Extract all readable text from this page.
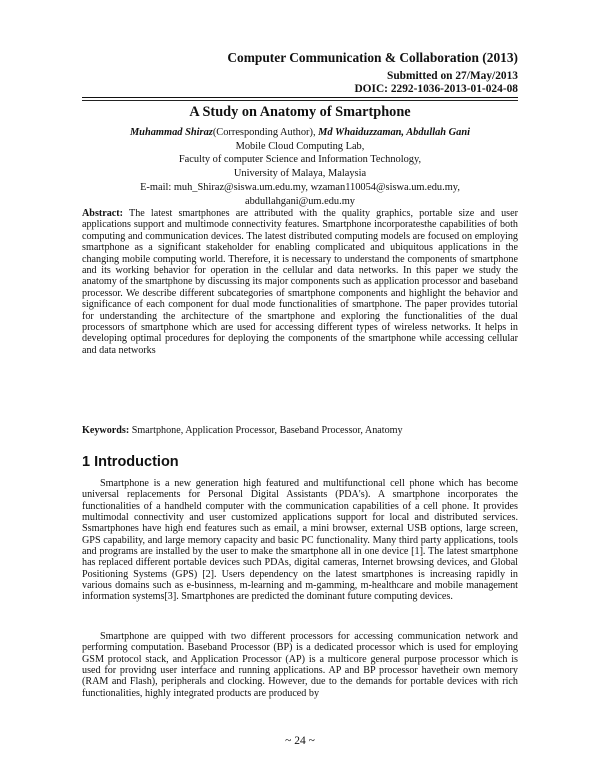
Computer Communication & Collaboration (2013)
Submitted on 27/May/2013
DOIC: 2292-1036-2013-01-024-08
A Study on Anatomy of Smartphone
Muhammad Shiraz(Corresponding Author), Md Whaiduzzaman, Abdullah Gani
Mobile Cloud Computing Lab,
Faculty of computer Science and Information Technology,
University of Malaya, Malaysia
E-mail: muh_Shiraz@siswa.um.edu.my, wzaman110054@siswa.um.edu.my,
abdullahgani@um.edu.my
Abstract: The latest smartphones are attributed with the quality graphics, portable size and user applications support and multimode connectivity features. Smartphone incorporatesthe capabilities of both computing and communication devices. The latest distributed computing models are focused on employing smartphone as a significant stakeholder for enabling complicated and ubiquitous applications in the changing mobile computing world. Therefore, it is necessary to understand the components of smartphone and its working behavior for operation in the cellular and data networks. In this paper we study the anatomy of the smartphone by discussing its major components such as application processor and baseband processor. We describe different subcategories of smartphone components and highlight the behavior and significance of each component for dual mode functionalities of smartphone. The paper provides tutorial for understanding the architecture of the smartphone and exploring the functionalities of the dual processors of smartphone which are used for accessing different types of wireless networks. It helps in developing optimal procedures for deploying the components of the smartphone while accessing cellular and data networks
Keywords: Smartphone, Application Processor, Baseband Processor, Anatomy
1 Introduction
Smartphone is a new generation high featured and multifunctional cell phone which has become universal replacements for Personal Digital Assistants (PDA's). A smartphone incorporates the functionalities of a handheld computer with the communication capabilities of a cell phone. It provides multimodal connectivity and user customized applications support for local and distributed services. Ssmartphones have high end features such as email, a mini browser, external USB options, large screen, GPS capability, and large memory capacity and basic PC functionality. Many third party applications, tools and programs are installed by the user to make the smartphone all in one device [1]. The latest smartphone has replaced different portable devices such PDAs, digital cameras, Internet browsing devices, and Global Positioning Systems (GPS) [2]. Users dependency on the latest smartphones is increasing rapidly in various domains such as e-businness, m-learning and m-gamming, m-healthcare and mobile management information systems[3]. Smartphones are predicted the dominant future computing devices.
Smartphone are quipped with two different processors for accessing communication network and performing computation. Baseband Processor (BP) is a dedicated processor which is used for employing GSM protocol stack, and Application Processor (AP) is a multicore general purpose processor which is used for providng user interface and running applications. AP and BP processor havetheir own memory (RAM and Flash), peripherals and clocking. However, due to the demands for portable devices with rich functionalities, highly integrated products are produced by
~ 24 ~
